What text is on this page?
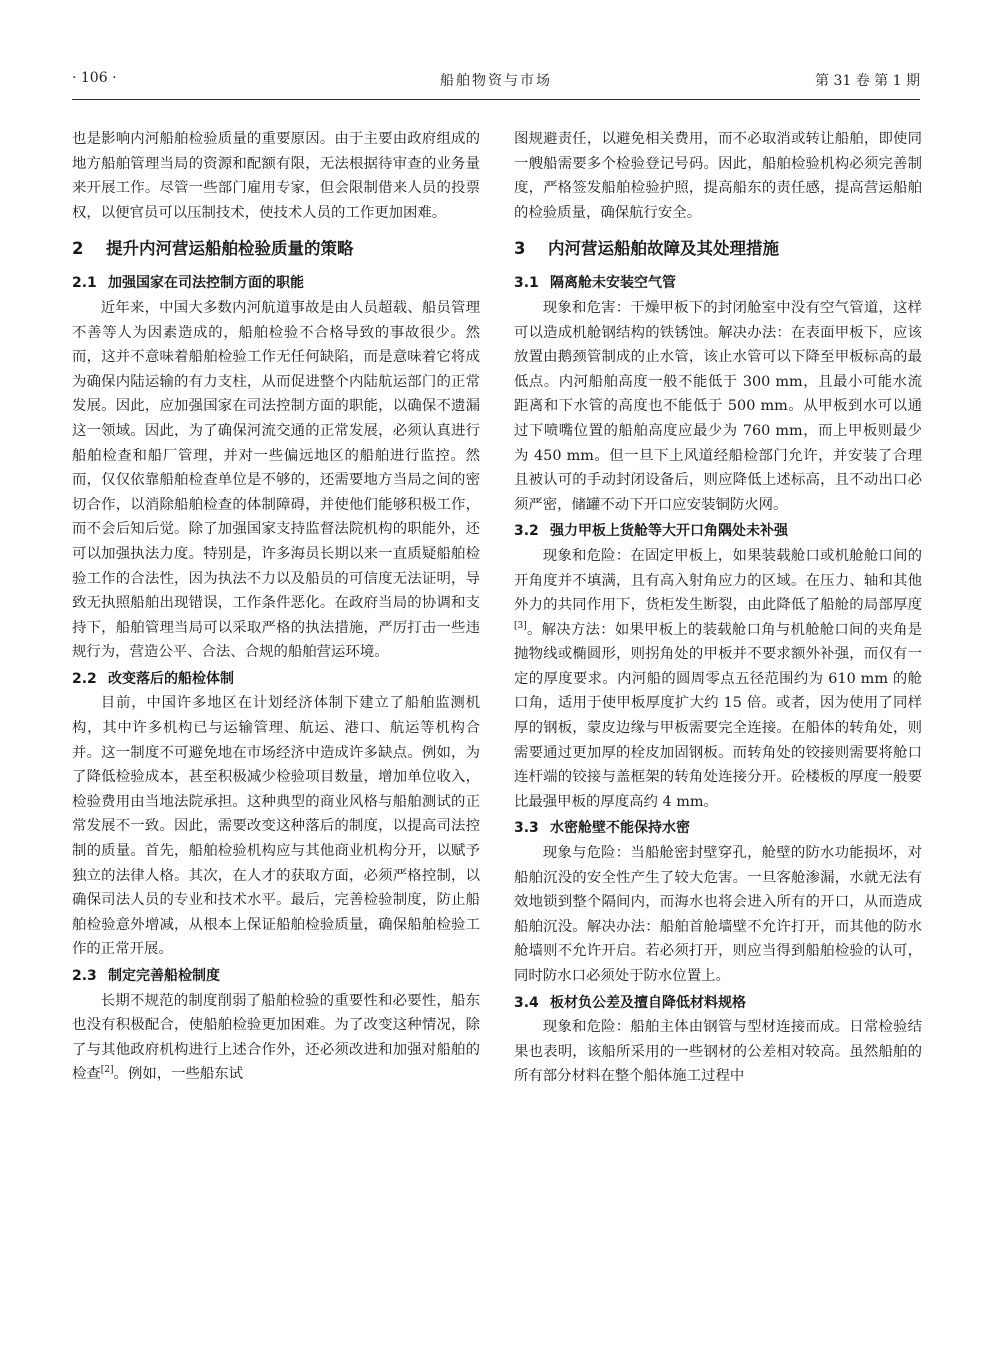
· 106 ·	船舶物资与市场	第 31 卷 第 1 期

也是影响内河船舶检验质量的重要原因。由于主要由政府组成的地方船舶管理当局的资源和配额有限，无法根据待审查的业务量来开展工作。尽管一些部门雇用专家，但会限制借来人员的投票权，以便官员可以压制技术，使技术人员的工作更加困难。

2 提升内河营运船舶检验质量的策略
2.1 加强国家在司法控制方面的职能

近年来，中国大多数内河航道事故是由人员超载、船员管理不善等人为因素造成的，船舶检验不合格导致的事故很少。然而，这并不意味着船舶检验工作无任何缺陷，而是意味着它将成为确保内陆运输的有力支柱，从而促进整个内陆航运部门的正常发展。因此，应加强国家在司法控制方面的职能，以确保不遗漏这一领域。因此，为了确保河流交通的正常发展，必须认真进行船舶检查和船厂管理，并对一些偏远地区的船舶进行监控。然而，仅仅依靠船舶检查单位是不够的，还需要地方当局之间的密切合作，以消除船舶检查的体制障碍，并使他们能够积极工作，而不会后知后觉。除了加强国家支持监督法院机构的职能外，还可以加强执法力度。特别是，许多海员长期以来一直质疑船舶检验工作的合法性，因为执法不力以及船员的可信度无法证明，导致无执照船舶出现错误，工作条件恶化。在政府当局的协调和支持下，船舶管理当局可以采取严格的执法措施，严厉打击一些违规行为，营造公平、合法、合规的船舶营运环境。

2.2 改变落后的船检体制

目前，中国许多地区在计划经济体制下建立了船舶监测机构，其中许多机构已与运输管理、航运、港口、航运等机构合并。这一制度不可避免地在市场经济中造成许多缺点。例如，为了降低检验成本，甚至积极减少检验项目数量，增加单位收入，检验费用由当地法院承担。这种典型的商业风格与船舶测试的正常发展不一致。因此，需要改变这种落后的制度，以提高司法控制的质量。首先，船舶检验机构应与其他商业机构分开，以赋予独立的法律人格。其次，在人才的获取方面，必须严格控制，以确保司法人员的专业和技术水平。最后，完善检验制度，防止船舶检验意外增减，从根本上保证船舶检验质量，确保船舶检验工作的正常开展。

2.3 制定完善船检制度

长期不规范的制度削弱了船舶检验的重要性和必要性，船东也没有积极配合，使船舶检验更加困难。为了改变这种情况，除了与其他政府机构进行上述合作外，还必须改进和加强对船舶的检查[2]。例如，一些船东试

图规避责任，以避免相关费用，而不必取消或转让船舶，即使同一艘船需要多个检验登记号码。因此，船舶检验机构必须完善制度，严格签发船舶检验护照，提高船东的责任感，提高营运船舶的检验质量，确保航行安全。

3 内河营运船舶故障及其处理措施
3.1 隔离舱未安装空气管

现象和危害：干燥甲板下的封闭舱室中没有空气管道，这样可以造成机舱钢结构的铁锈蚀。解决办法：在表面甲板下，应该放置由鹅颈管制成的止水管，该止水管可以下降至甲板标高的最低点。内河船舶高度一般不能低于 300 mm，且最小可能水流距离和下水管的高度也不能低于 500 mm。从甲板到水可以通过下喷嘴位置的船舶高度应最少为 760 mm，而上甲板则最少为 450 mm。但一旦下上风道经船检部门允许，并安装了合理且被认可的手动封闭设备后，则应降低上述标高，且不动出口必须严密，储罐不动下开口应安装铜防火网。

3.2 强力甲板上货舱等大开口角隅处未补强

现象和危险：在固定甲板上，如果装载舱口或机舱舱口间的开角度并不填满，且有高入射角应力的区域。在压力、轴和其他外力的共同作用下，货柜发生断裂，由此降低了船舱的局部厚度[3]。解决方法：如果甲板上的装载舱口角与机舱舱口间的夹角是抛物线或椭圆形，则拐角处的甲板并不要求额外补强，而仅有一定的厚度要求。内河船的圆周零点五径范围约为 610 mm 的舱口角，适用于使甲板厚度扩大约 15 倍。或者，因为使用了同样厚的钢板，蒙皮边缘与甲板需要完全连接。在船体的转角处，则需要通过更加厚的栓皮加固钢板。而转角处的铰接则需要将舱口连杆端的铰接与盖框架的转角处连接分开。砼楼板的厚度一般要比最强甲板的厚度高约 4 mm。

3.3 水密舱壁不能保持水密

现象与危险：当船舱密封壁穿孔，舱壁的防水功能损坏，对船舶沉没的安全性产生了较大危害。一旦客舱渗漏，水就无法有效地锁到整个隔间内，而海水也将会进入所有的开口，从而造成船舶沉没。解决办法：船舶首舱墙壁不允许打开，而其他的防水舱墙则不允许开启。若必须打开，则应当得到船舶检验的认可，同时防水口必须处于防水位置上。

3.4 板材负公差及擅自降低材料规格

现象和危险：船舶主体由钢管与型材连接而成。日常检验结果也表明，该船所采用的一些钢材的公差相对较高。虽然船舶的所有部分材料在整个船体施工过程中
